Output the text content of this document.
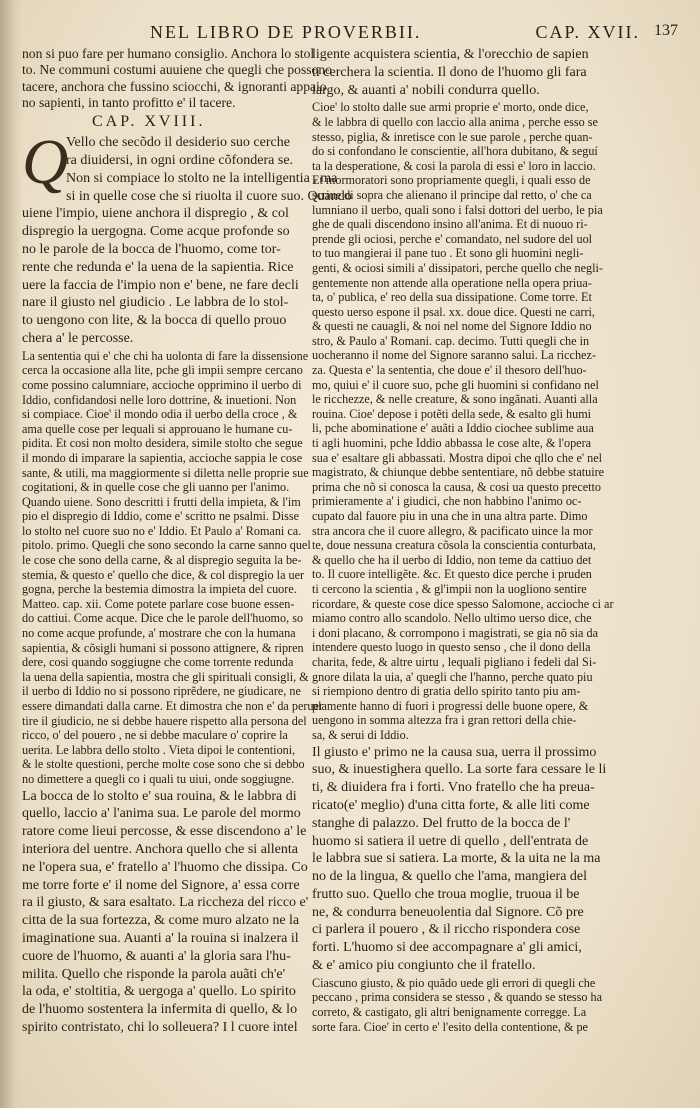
NEL LIBRO DE PROVERBII.	CAP. XVII. 137
non si puo fare per humano consiglio. Anchora lo stol
to. Ne communi costumi auuiene che quegli che possono
tacere, anchora che fussino sciocchi, & ignoranti appaio
no sapienti, in tanto profitto e' il tacere.
CAP. XVIII.
Q
Vello che secõdo il desiderio suo cerche
ra diuidersi, in ogni ordine cõfondera se.
Non si compiace lo stolto ne la intelligentia , ma
si in quelle cose che si riuolta il cuore suo. Quando
uiene l'impio, uiene anchora il dispregio , & col
dispregio la uergogna. Come acque profonde so
no le parole de la bocca de l'huomo, come tor-
rente che redunda e' la uena de la sapientia. Rice
uere la faccia de l'impio non e' bene, ne fare decli
nare il giusto nel giudicio . Le labbra de lo stol-
to uengono con lite, & la bocca di quello prouo
chera a' le percosse.
La sententia qui e' che chi ha uolonta di fare la dissensione
cerca la occasione alla lite, pche gli impii sempre cercano
come possino calumniare, accioche opprimino il uerbo di
Iddio, confidandosi nelle loro dottrine, & inuetioni. Non
si compiace. Cioe' il mondo odia il uerbo della croce , &
ama quelle cose per lequali si approuano le humane cu-
pidita. Et cosi non molto desidera, simile stolto che segue
il mondo di imparare la sapientia, accioche sappia le cose
sante, & utili, ma maggiormente si diletta nelle proprie sue
cogitationi, & in quelle cose che gli uanno per l'animo.
Quando uiene. Sono descritti i frutti della impieta, & l'im
pio el dispregio di Iddio, come e' scritto ne psalmi. Disse
lo stolto nel cuore suo no e' Iddio. Et Paulo a' Romani ca.
pitolo. primo. Quegli che sono secondo la carne sanno quel
le cose che sono della carne, & al dispregio seguita la be-
stemia, & questo e' quello che dice, & col dispregio la uer
gogna, perche la bestemia dimostra la impieta del cuore.
Matteo. cap. xii. Come potete parlare cose buone essen-
do cattiui. Come acque. Dice che le parole dell'huomo, so
no come acque profunde, a' mostrare che con la humana
sapientia, & cõsigli humani si possono attignere, & ripren
dere, cosi quando soggiugne che come torrente redunda
la uena della sapientia, mostra che gli spirituali consigli, &
il uerbo di Iddio no si possono riprẽdere, ne giudicare, ne
essere dimandati dalla carne. Et dimostra che non e' da peruer
tire il giudicio, ne si debbe hauere rispetto alla persona del
ricco, o' del pouero , ne si debbe maculare o' coprire la
uerita. Le labbra dello stolto . Vieta dipoi le contentioni,
& le stolte questioni, perche molte cose sono che si debbo
no dimettere a quegli co i quali tu uiui, onde soggiugne.
La bocca de lo stolto e' sua rouina, & le labbra di
quello, laccio a' l'anima sua. Le parole del mormo
ratore come lieui percosse, & esse discendono a' le
interiora del uentre. Anchora quello che si allenta
ne l'opera sua, e' fratello a' l'huomo che dissipa. Co
me torre forte e' il nome del Signore, a' essa corre
ra il giusto, & sara esaltato. La riccheza del ricco e'
citta de la sua fortezza, & come muro alzato ne la
imaginatione sua. Auanti a' la rouina si inalzera il
cuore de l'huomo, & auanti a' la gloria sara l'hu-
milita. Quello che risponde la parola auãti ch'e'
la oda, e' stoltitia, & uergoga a' quello. Lo spirito
de l'huomo sostentera la infermita di quello, & lo
spirito contristato, chi lo solleuera? I l cuore intel
ligente acquistera scientia, & l'orecchio de sapien
ti cerchera la scientia. Il dono de l'huomo gli fara
largo, & auanti a' nobili condurra quello.
Cioe' lo stolto dalle sue armi proprie e' morto, onde dice,
& le labbra di quello con laccio alla anima , perche esso se
stesso, piglia, & inretisce con le sue parole , perche quan-
do si confondano le conscientie, all'hora dubitano, & seguí
ta la desperatione, & cosi la parola di essi e' loro in laccio.
Et mormoratori sono propriamente quegli, i quali esso de
scriue di sopra che alienano il principe dal retto, o' che ca
lumniano il uerbo, quali sono i falsi dottori del uerbo, le pia
ghe de quali discendono insino all'anima. Et di nuouo ri-
prende gli ociosi, perche e' comandato, nel sudore del uol
to tuo mangierai il pane tuo . Et sono gli huomini negli-
genti, & ociosi simili a' dissipatori, perche quello che negli-
gentemente non attende alla operatione nella opera priua-
ta, o' publica, e' reo della sua dissipatione. Come torre. Et
questo uerso espone il psal. xx. doue dice. Questi ne carri,
& questi ne cauagli, & noi nel nome del Signore Iddio no
stro, & Paulo a' Romani. cap. decimo. Tutti quegli che in
uocheranno il nome del Signore saranno salui. La ricchez-
za. Questa e' la sententia, che doue e' il thesoro dell'huo-
mo, quiui e' il cuore suo, pche gli huomini si confidano nel
le ricchezze, & nelle creature, & sono ingãnati. Auanti alla
rouina. Cioe' depose i potẽti della sede, & esalto gli humi
li, pche abominatione e' auãti a Iddio ciochee sublime aua
ti agli huomini, pche Iddio abbassa le cose alte, & l'opera
sua e' esaltare gli abbassati. Mostra dipoi che qllo che e' nel
magistrato, & chiunque debbe sententiare, nõ debbe statuire
prima che nõ si conosca la causa, & cosi ua questo precetto
primieramente a' i giudici, che non habbino l'animo oc-
cupato dal fauore piu in una che in una altra parte. Dimo
stra ancora che il cuore allegro, & pacificato uince la mor
te, doue nessuna creatura cõsola la conscientia conturbata,
& quello che ha il uerbo di Iddio, non teme da cattiuo det
to. Il cuore intelligẽte. &c. Et questo dice perche i pruden
ti cercono la scientia , & gl'impii non la uogliono sentire
ricordare, & queste cose dice spesso Salomone, accioche ci ar
miamo contro allo scandolo. Nello ultimo uerso dice, che
i doni placano, & corrompono i magistrati, se gia nõ sia da
intendere questo luogo in questo senso , che il dono della
charita, fede, & altre uirtu , lequali pigliano i fedeli dal Si-
gnore dilata la uia, a' quegli che l'hanno, perche quato piu
si riempiono dentro di gratia dello spirito tanto piu am-
plamente hanno di fuori i progressi delle buone opere, &
uengono in somma altezza fra i gran rettori della chie-
sa, & serui di Iddio.
Il giusto e' primo ne la causa sua, uerra il prossimo
suo, & inuestighera quello. La sorte fara cessare le li
ti, & diuidera fra i forti. Vno fratello che ha preua-
ricato(e' meglio) d'una citta forte, & alle liti come
stanghe di palazzo. Del frutto de la bocca de l'
huomo si satiera il uetre di quello , dell'entrata de
le labbra sue si satiera. La morte, & la uita ne la ma
no de la lingua, & quello che l'ama, mangiera del
frutto suo. Quello che troua moglie, truoua il be
ne, & condurra beneuolentia dal Signore. Cõ pre
ci parlera il pouero , & il riccho rispondera cose
forti. L'huomo si dee accompagnare a' gli amici,
& e' amico piu congiunto che il fratello.
Ciascuno giusto, & pio quãdo uede gli errori di quegli che
peccano , prima considera se stesso , & quando se stesso ha
correto, & castigato, gli altri benignamente corregge. La
sorte fara. Cioe' in certo e' l'esito della contentione, & pe
